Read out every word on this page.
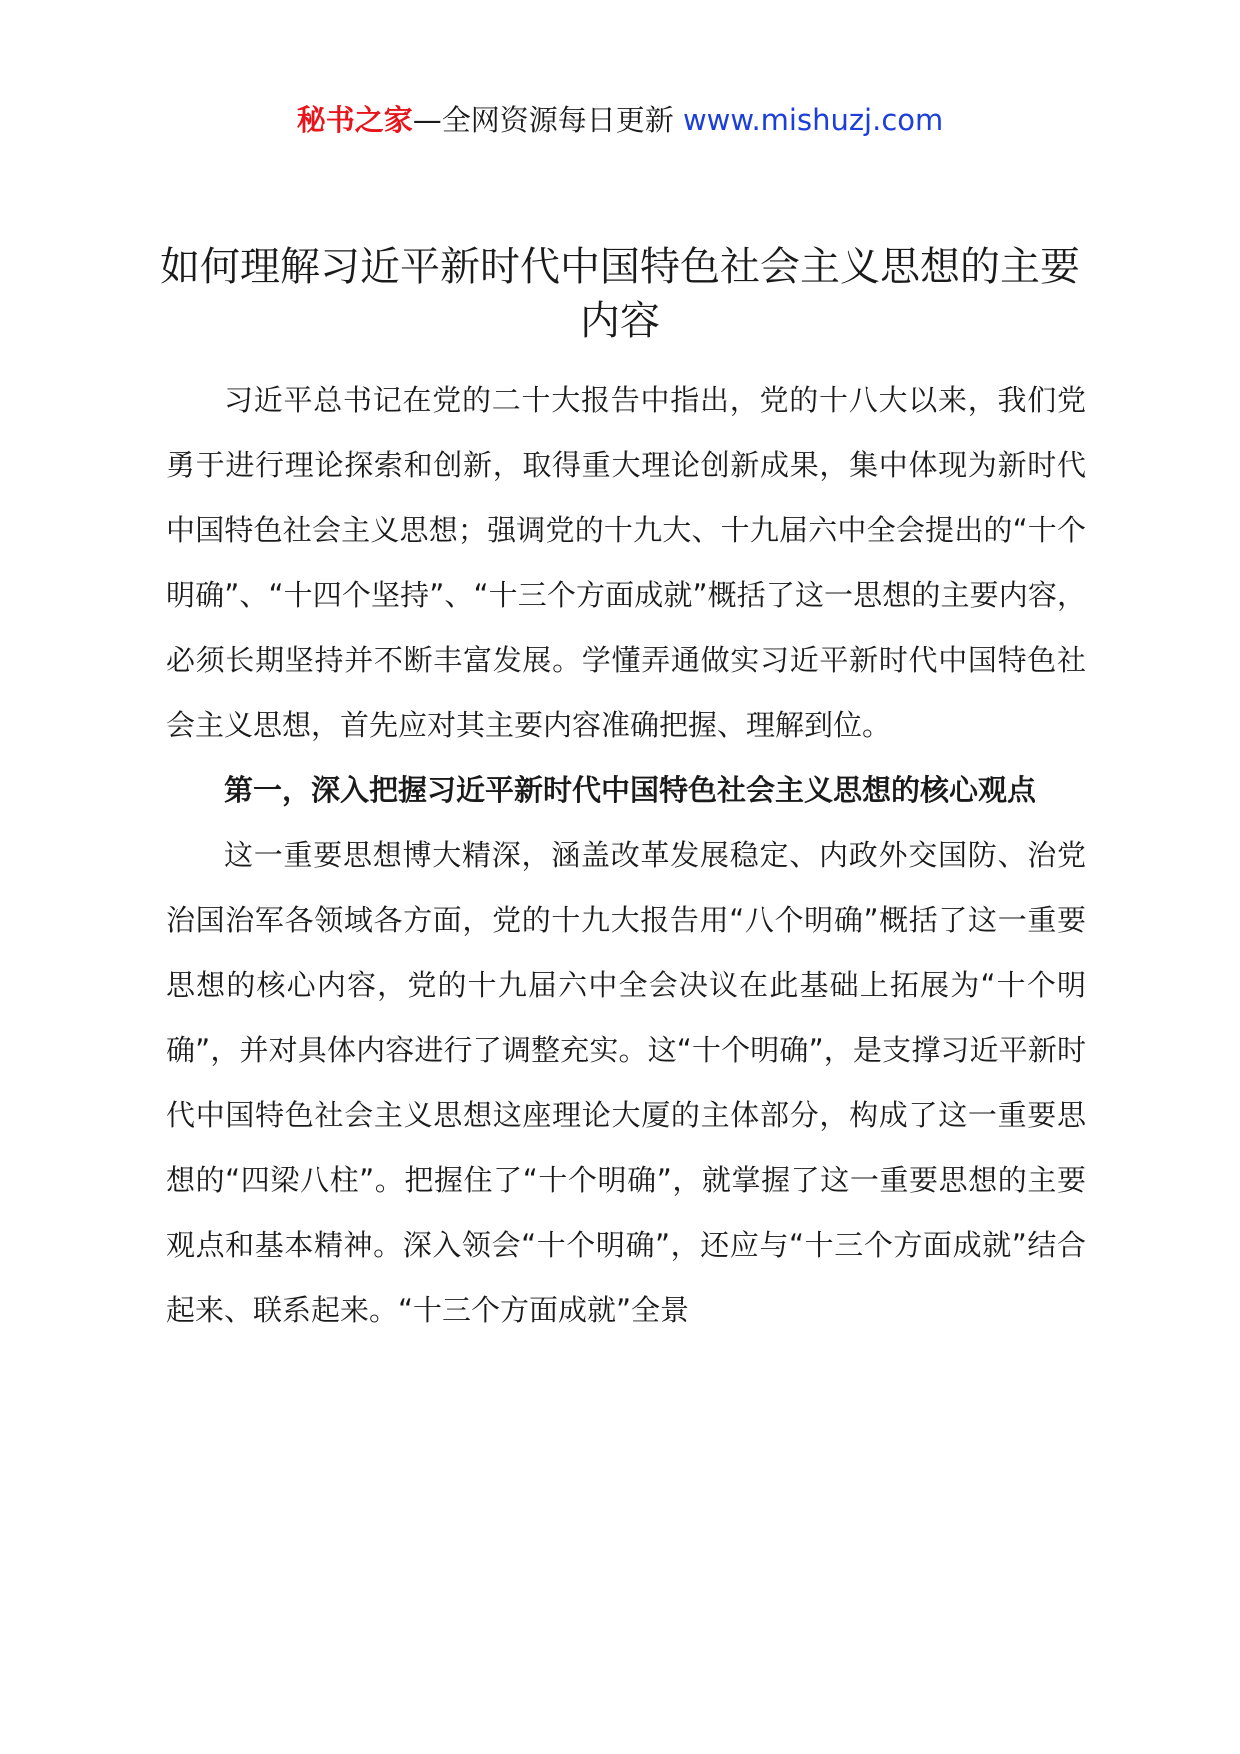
秘书之家—全网资源每日更新 www.mishuzj.com
如何理解习近平新时代中国特色社会主义思想的主要内容

习近平总书记在党的二十大报告中指出，党的十八大以来，我们党勇于进行理论探索和创新，取得重大理论创新成果，集中体现为新时代中国特色社会主义思想；强调党的十九大、十九届六中全会提出的“十个明确”、“十四个坚持”、“十三个方面成就”概括了这一思想的主要内容，必须长期坚持并不断丰富发展。学懂弄通做实习近平新时代中国特色社会主义思想，首先应对其主要内容准确把握、理解到位。

第一，深入把握习近平新时代中国特色社会主义思想的核心观点

这一重要思想博大精深，涵盖改革发展稳定、内政外交国防、治党治国治军各领域各方面，党的十九大报告用“八个明确”概括了这一重要思想的核心内容，党的十九届六中全会决议在此基础上拓展为“十个明确”，并对具体内容进行了调整充实。这“十个明确”，是支撑习近平新时代中国特色社会主义思想这座理论大厦的主体部分，构成了这一重要思想的“四梁八柱”。把握住了“十个明确”，就掌握了这一重要思想的主要观点和基本精神。深入领会“十个明确”，还应与“十三个方面成就”结合起来、联系起来。“十三个方面成就”全景
